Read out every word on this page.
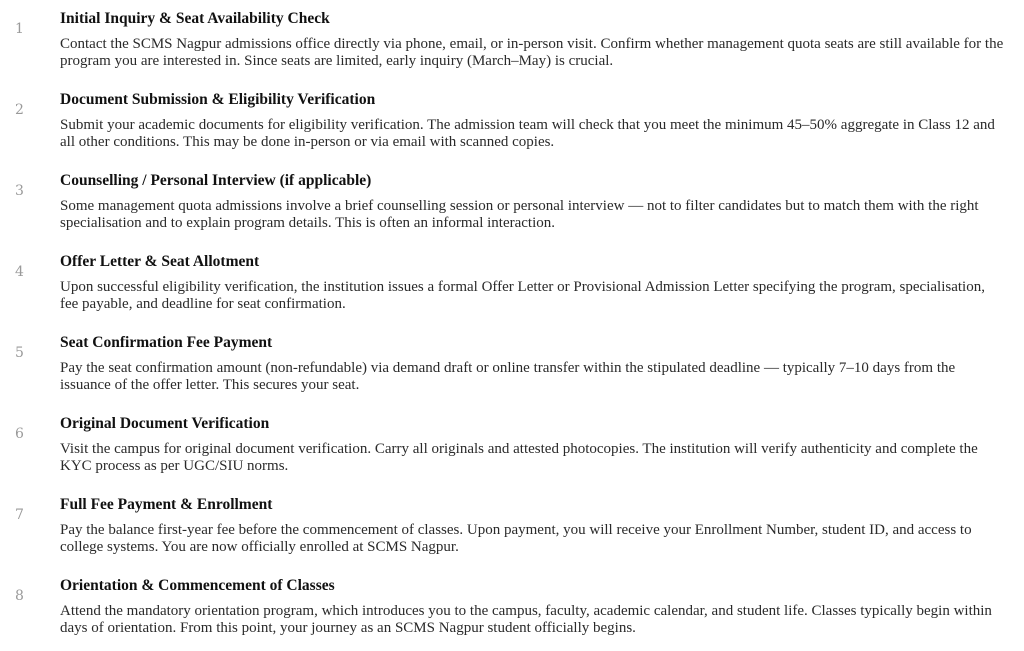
1
Initial Inquiry & Seat Availability Check
Contact the SCMS Nagpur admissions office directly via phone, email, or in-person visit. Confirm whether management quota seats are still available for the program you are interested in. Since seats are limited, early inquiry (March–May) is crucial.
2
Document Submission & Eligibility Verification
Submit your academic documents for eligibility verification. The admission team will check that you meet the minimum 45–50% aggregate in Class 12 and all other conditions. This may be done in-person or via email with scanned copies.
3
Counselling / Personal Interview (if applicable)
Some management quota admissions involve a brief counselling session or personal interview — not to filter candidates but to match them with the right specialisation and to explain program details. This is often an informal interaction.
4
Offer Letter & Seat Allotment
Upon successful eligibility verification, the institution issues a formal Offer Letter or Provisional Admission Letter specifying the program, specialisation, fee payable, and deadline for seat confirmation.
5
Seat Confirmation Fee Payment
Pay the seat confirmation amount (non-refundable) via demand draft or online transfer within the stipulated deadline — typically 7–10 days from the issuance of the offer letter. This secures your seat.
6
Original Document Verification
Visit the campus for original document verification. Carry all originals and attested photocopies. The institution will verify authenticity and complete the KYC process as per UGC/SIU norms.
7
Full Fee Payment & Enrollment
Pay the balance first-year fee before the commencement of classes. Upon payment, you will receive your Enrollment Number, student ID, and access to college systems. You are now officially enrolled at SCMS Nagpur.
8
Orientation & Commencement of Classes
Attend the mandatory orientation program, which introduces you to the campus, faculty, academic calendar, and student life. Classes typically begin within days of orientation. From this point, your journey as an SCMS Nagpur student officially begins.
